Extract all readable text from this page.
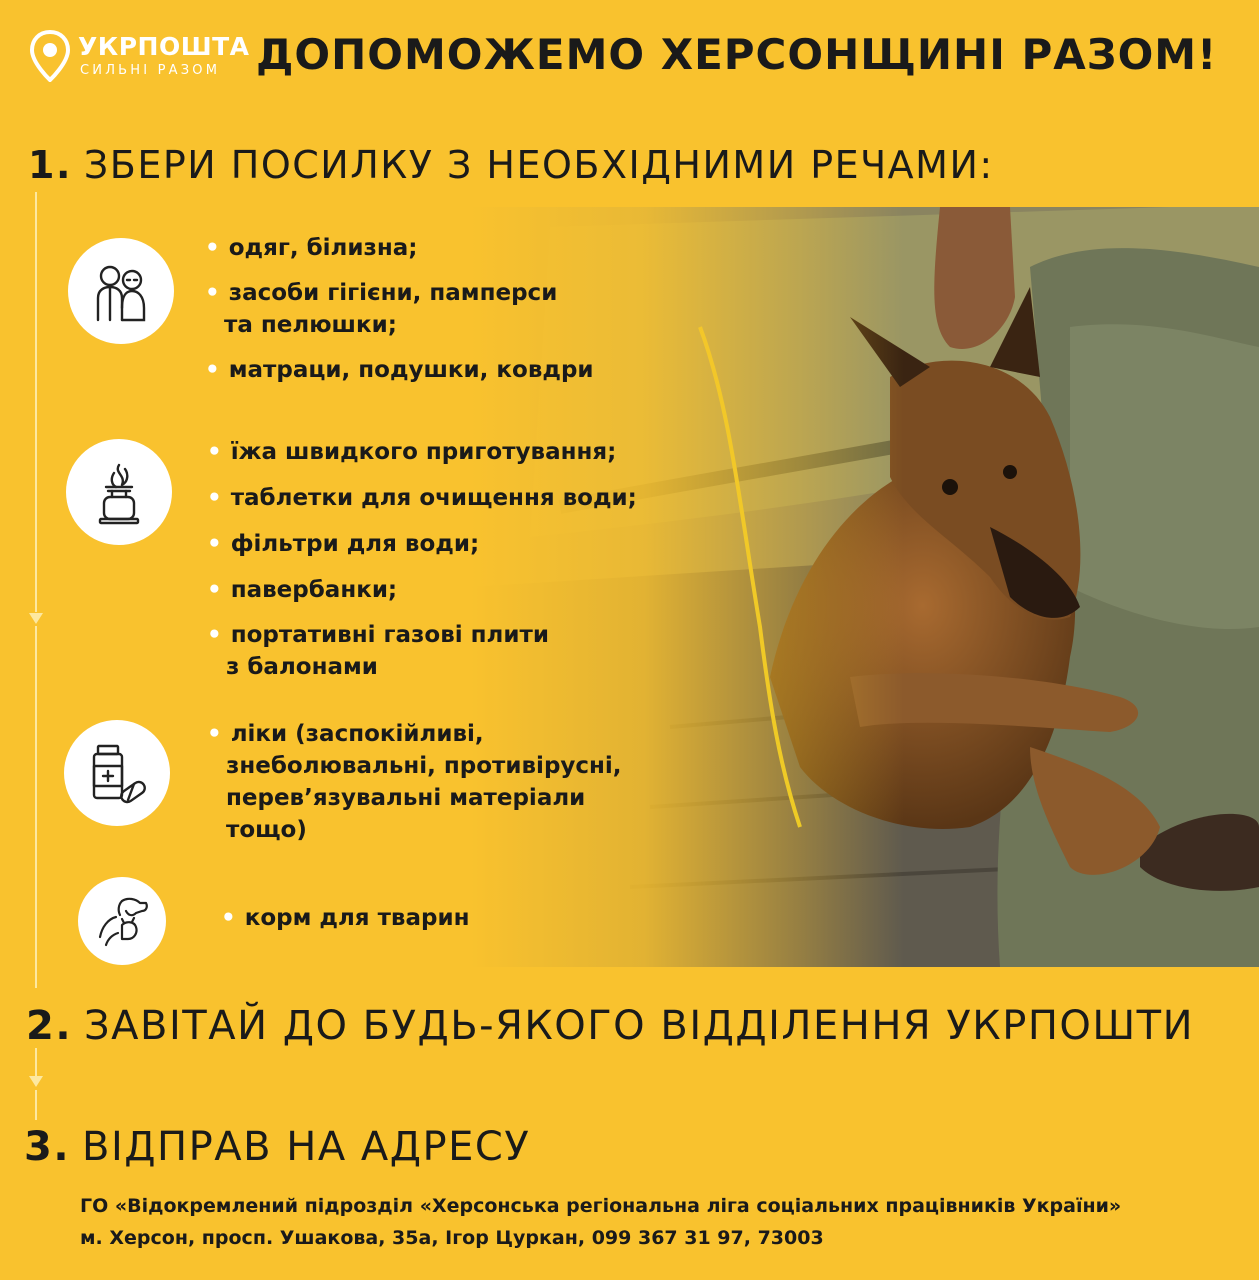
УКРПОШТА
СИЛЬНІ РАЗОМ ДОПОМОЖЕМО ХЕРСОНЩИНІ РАЗОМ!
1. ЗБЕРИ ПОСИЛКУ З НЕОБХІДНИМИ РЕЧАМИ:
• одяг, білизна;
• засоби гігієни, памперси
та пелюшки;
• матраци, подушки, ковдри
• їжа швидкого приготування;
• таблетки для очищення води;
• фільтри для води;
• павербанки;
• портативні газові плити
з балонами
• ліки (заспокійливі,
знеболювальні, противірусні,
перев’язувальні матеріали
тощо)
• корм для тварин
2. ЗАВІТАЙ ДО БУДЬ-ЯКОГО ВІДДІЛЕННЯ УКРПОШТИ
3. ВІДПРАВ НА АДРЕСУ
ГО «Відокремлений підрозділ «Херсонська регіональна ліга соціальних працівників України»
м. Херсон, просп. Ушакова, 35а, Ігор Цуркан, 099 367 31 97, 73003
